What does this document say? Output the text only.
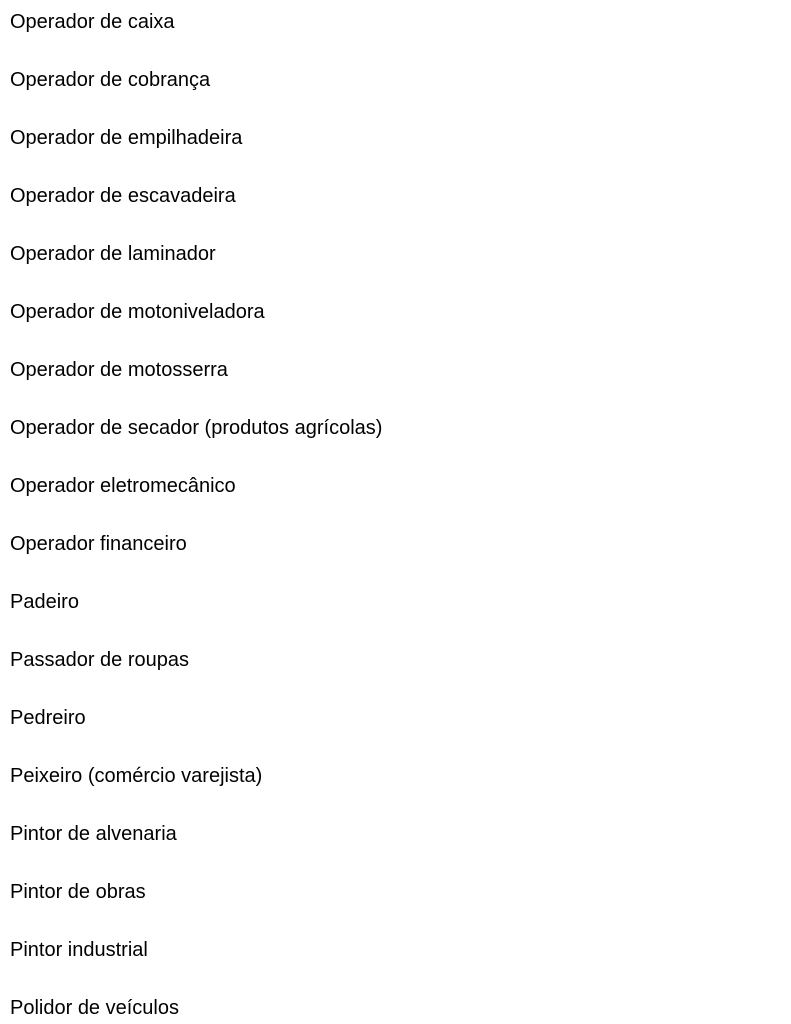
Operador de caixa
Operador de cobrança
Operador de empilhadeira
Operador de escavadeira
Operador de laminador
Operador de motoniveladora
Operador de motosserra
Operador de secador (produtos agrícolas)
Operador eletromecânico
Operador financeiro
Padeiro
Passador de roupas
Pedreiro
Peixeiro (comércio varejista)
Pintor de alvenaria
Pintor de obras
Pintor industrial
Polidor de veículos
